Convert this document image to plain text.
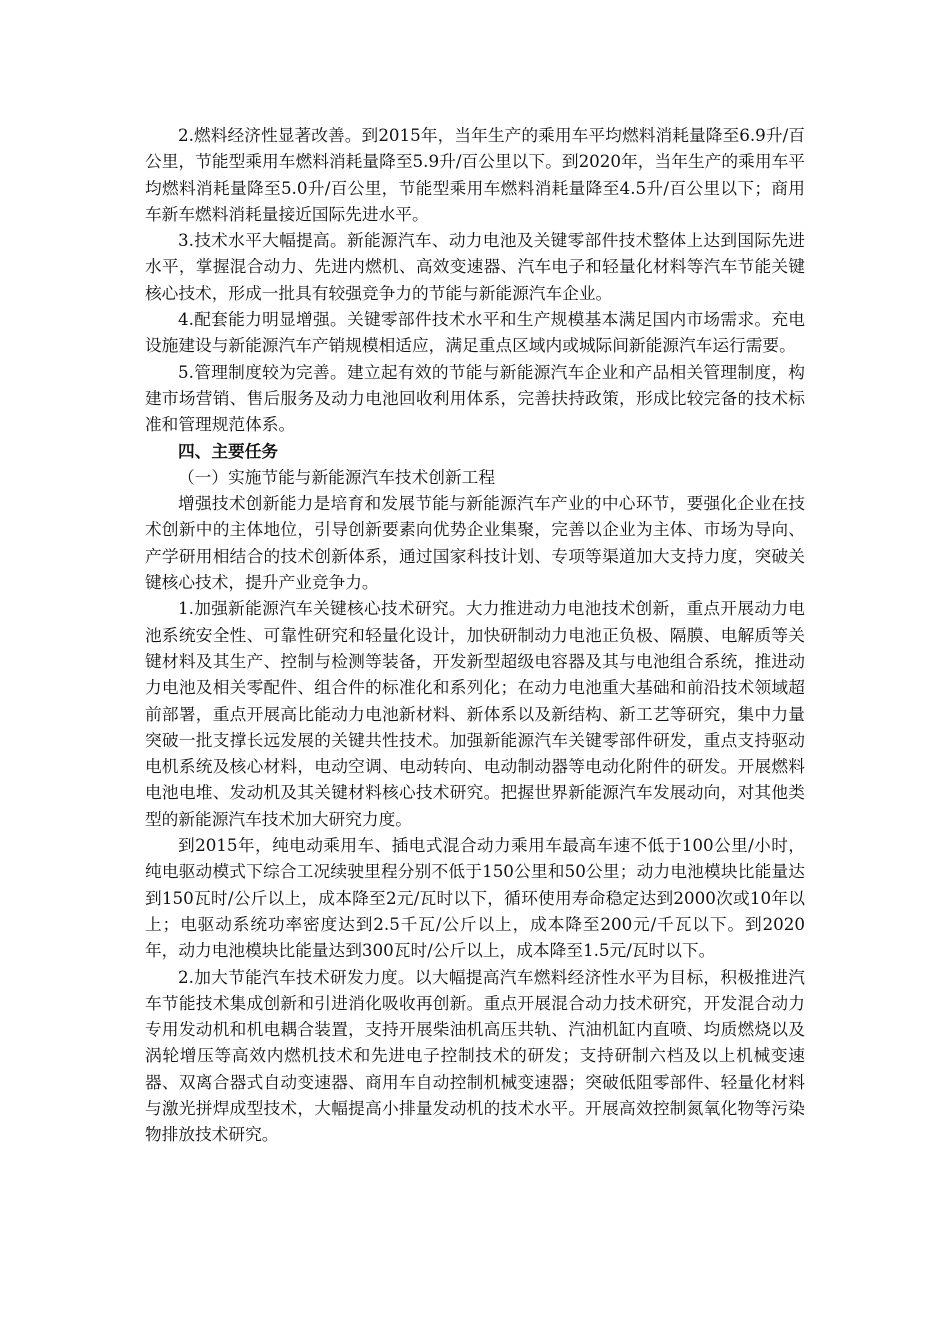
2.燃料经济性显著改善。到2015年，当年生产的乘用车平均燃料消耗量降至6.9升/百公里，节能型乘用车燃料消耗量降至5.9升/百公里以下。到2020年，当年生产的乘用车平均燃料消耗量降至5.0升/百公里，节能型乘用车燃料消耗量降至4.5升/百公里以下；商用车新车燃料消耗量接近国际先进水平。

3.技术水平大幅提高。新能源汽车、动力电池及关键零部件技术整体上达到国际先进水平，掌握混合动力、先进内燃机、高效变速器、汽车电子和轻量化材料等汽车节能关键核心技术，形成一批具有较强竞争力的节能与新能源汽车企业。

4.配套能力明显增强。关键零部件技术水平和生产规模基本满足国内市场需求。充电设施建设与新能源汽车产销规模相适应，满足重点区域内或城际间新能源汽车运行需要。

5.管理制度较为完善。建立起有效的节能与新能源汽车企业和产品相关管理制度，构建市场营销、售后服务及动力电池回收利用体系，完善扶持政策，形成比较完备的技术标准和管理规范体系。

四、主要任务

（一）实施节能与新能源汽车技术创新工程

增强技术创新能力是培育和发展节能与新能源汽车产业的中心环节，要强化企业在技术创新中的主体地位，引导创新要素向优势企业集聚，完善以企业为主体、市场为导向、产学研用相结合的技术创新体系，通过国家科技计划、专项等渠道加大支持力度，突破关键核心技术，提升产业竞争力。

1.加强新能源汽车关键核心技术研究。大力推进动力电池技术创新，重点开展动力电池系统安全性、可靠性研究和轻量化设计，加快研制动力电池正负极、隔膜、电解质等关键材料及其生产、控制与检测等装备，开发新型超级电容器及其与电池组合系统，推进动力电池及相关零配件、组合件的标准化和系列化；在动力电池重大基础和前沿技术领域超前部署，重点开展高比能动力电池新材料、新体系以及新结构、新工艺等研究，集中力量突破一批支撑长远发展的关键共性技术。加强新能源汽车关键零部件研发，重点支持驱动电机系统及核心材料，电动空调、电动转向、电动制动器等电动化附件的研发。开展燃料电池电堆、发动机及其关键材料核心技术研究。把握世界新能源汽车发展动向，对其他类型的新能源汽车技术加大研究力度。

到2015年，纯电动乘用车、插电式混合动力乘用车最高车速不低于100公里/小时，纯电驱动模式下综合工况续驶里程分别不低于150公里和50公里；动力电池模块比能量达到150瓦时/公斤以上，成本降至2元/瓦时以下，循环使用寿命稳定达到2000次或10年以上；电驱动系统功率密度达到2.5千瓦/公斤以上，成本降至200元/千瓦以下。到2020年，动力电池模块比能量达到300瓦时/公斤以上，成本降至1.5元/瓦时以下。

2.加大节能汽车技术研发力度。以大幅提高汽车燃料经济性水平为目标，积极推进汽车节能技术集成创新和引进消化吸收再创新。重点开展混合动力技术研究，开发混合动力专用发动机和机电耦合装置，支持开展柴油机高压共轨、汽油机缸内直喷、均质燃烧以及涡轮增压等高效内燃机技术和先进电子控制技术的研发；支持研制六档及以上机械变速器、双离合器式自动变速器、商用车自动控制机械变速器；突破低阻零部件、轻量化材料与激光拼焊成型技术，大幅提高小排量发动机的技术水平。开展高效控制氮氧化物等污染物排放技术研究。
